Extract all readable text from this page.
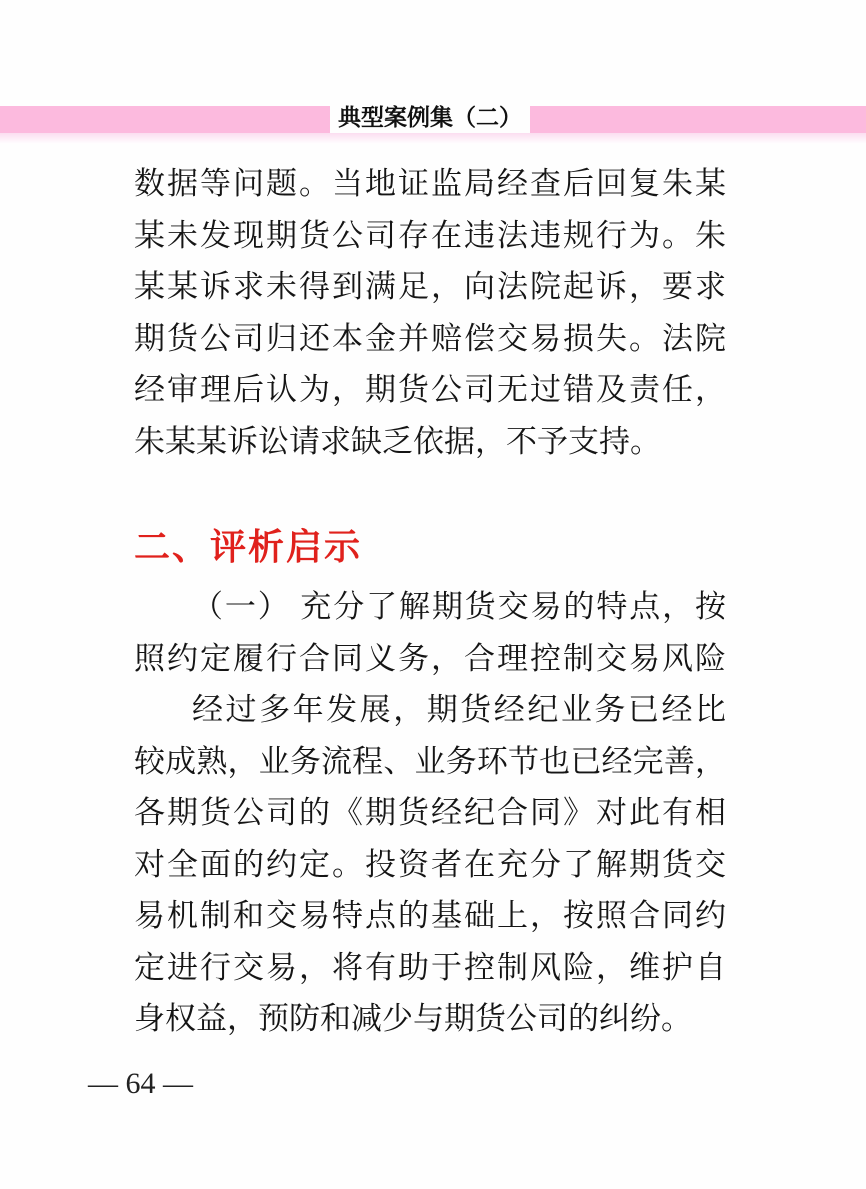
典型案例集（二）
数据等问题。当地证监局经查后回复朱某
某未发现期货公司存在违法违规行为。朱
某某诉求未得到满足，向法院起诉，要求
期货公司归还本金并赔偿交易损失。法院
经审理后认为，期货公司无过错及责任，
朱某某诉讼请求缺乏依据，不予支持。
二、评析启示
（一） 充分了解期货交易的特点，按
照约定履行合同义务，合理控制交易风险
经过多年发展，期货经纪业务已经比
较成熟，业务流程、业务环节也已经完善，
各期货公司的《期货经纪合同》对此有相
对全面的约定。投资者在充分了解期货交
易机制和交易特点的基础上，按照合同约
定进行交易，将有助于控制风险，维护自
身权益，预防和减少与期货公司的纠纷。
— 64 —
